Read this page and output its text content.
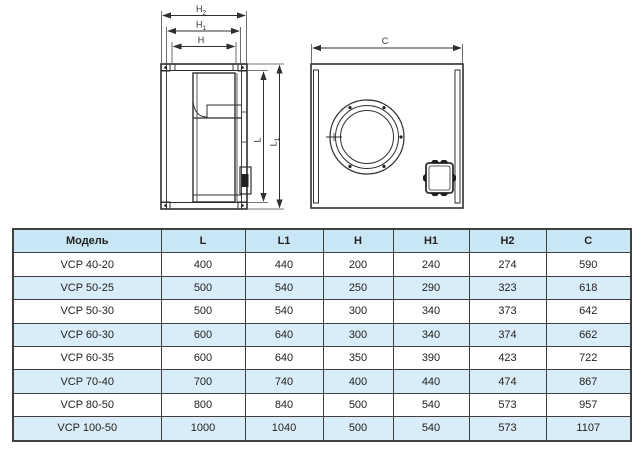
$H_2$
$H_1$
H	C
L
$L_1$
Модель	L	L1	H	H1	H2	C
VCP 40-20	400	440	200	240	274	590
VCP 50-25	500	540	250	290	323	618
VCP 50-30	500	540	300	340	373	642
VCP 60-30	600	640	300	340	374	662
VCP 60-35	600	640	350	390	423	722
VCP 70-40	700	740	400	440	474	867
VCP 80-50	800	840	500	540	573	957
VCP 100-50	1000	1040	500	540	573	1107
